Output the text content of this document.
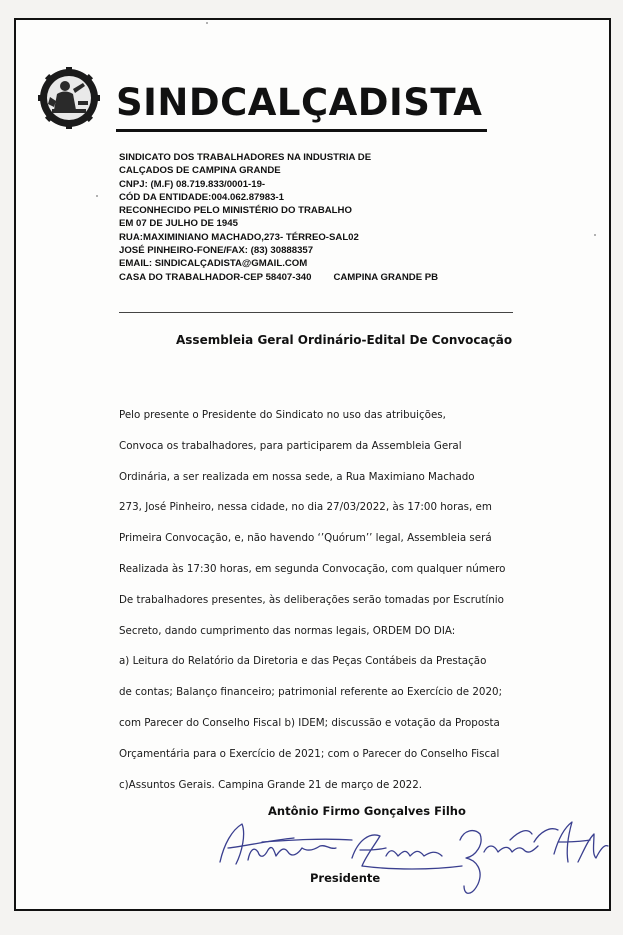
SINDCALÇADISTA
SINDICATO DOS TRABALHADORES NA INDUSTRIA DE
CALÇADOS DE CAMPINA GRANDE
CNPJ: (M.F) 08.719.833/0001-19-
CÓD DA ENTIDADE:004.062.87983-1
RECONHECIDO PELO MINISTÉRIO DO TRABALHO
EM 07 DE JULHO DE 1945
RUA:MAXIMINIANO MACHADO,273- TÉRREO-SAL02
JOSÉ PINHEIRO-FONE/FAX: (83) 30888357
EMAIL: SINDICALÇADISTA@GMAIL.COM
CASA DO TRABALHADOR-CEP 58407-340 CAMPINA GRANDE PB
Assembleia Geral Ordinário-Edital De Convocação
Pelo presente o Presidente do Sindicato no uso das atribuições,
Convoca os trabalhadores, para participarem da Assembleia Geral
Ordinária, a ser realizada em nossa sede, a Rua Maximiano Machado
273, José Pinheiro, nessa cidade, no dia 27/03/2022, às 17:00 horas, em
Primeira Convocação, e, não havendo ‘’Quórum’’ legal, Assembleia será
Realizada às 17:30 horas, em segunda Convocação, com qualquer número
De trabalhadores presentes, às deliberações serão tomadas por Escrutínio
Secreto, dando cumprimento das normas legais, ORDEM DO DIA:
a) Leitura do Relatório da Diretoria e das Peças Contábeis da Prestação
de contas; Balanço financeiro; patrimonial referente ao Exercício de 2020;
com Parecer do Conselho Fiscal b) IDEM; discussão e votação da Proposta
Orçamentária para o Exercício de 2021; com o Parecer do Conselho Fiscal
c)Assuntos Gerais. Campina Grande 21 de março de 2022.
Antônio Firmo Gonçalves Filho
Presidente
